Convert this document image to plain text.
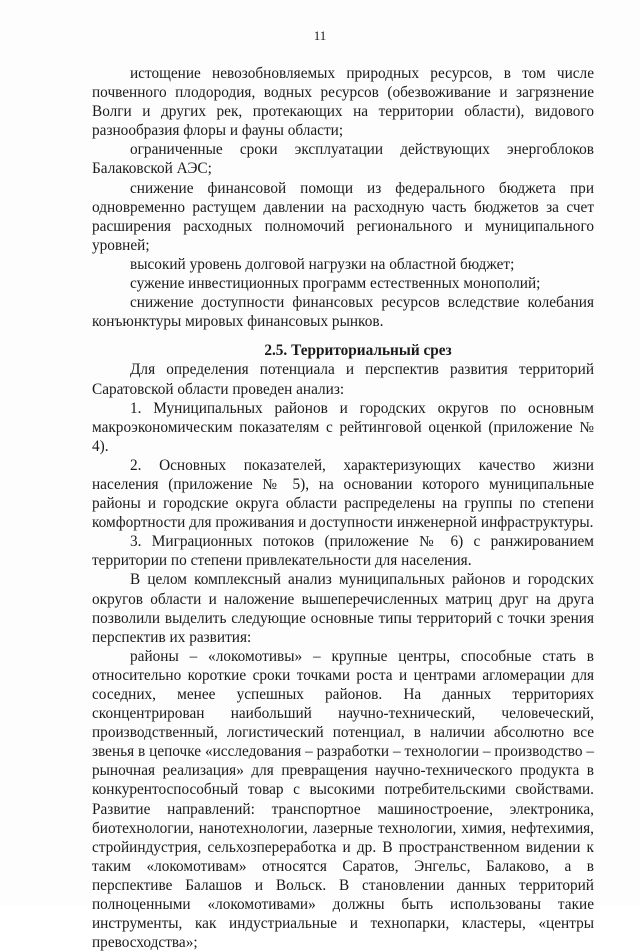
11

истощение невозобновляемых природных ресурсов, в том числе почвенного плодородия, водных ресурсов (обезвоживание и загрязнение Волги и других рек, протекающих на территории области), видового разнообразия флоры и фауны области;

ограниченные сроки эксплуатации действующих энергоблоков Балаковской АЭС;

снижение финансовой помощи из федерального бюджета при одновременно растущем давлении на расходную часть бюджетов за счет расширения расходных полномочий регионального и муниципального уровней;

высокий уровень долговой нагрузки на областной бюджет;

сужение инвестиционных программ естественных монополий;

снижение доступности финансовых ресурсов вследствие колебания конъюнктуры мировых финансовых рынков.

2.5. Территориальный срез

Для определения потенциала и перспектив развития территорий Саратовской области проведен анализ:

1. Муниципальных районов и городских округов по основным макроэкономическим показателям с рейтинговой оценкой (приложение № 4).

2. Основных показателей, характеризующих качество жизни населения (приложение № 5), на основании которого муниципальные районы и городские округа области распределены на группы по степени комфортности для проживания и доступности инженерной инфраструктуры.

3. Миграционных потоков (приложение № 6) с ранжированием территории по степени привлекательности для населения.

В целом комплексный анализ муниципальных районов и городских округов области и наложение вышеперечисленных матриц друг на друга позволили выделить следующие основные типы территорий с точки зрения перспектив их развития:

районы – «локомотивы» – крупные центры, способные стать в относительно короткие сроки точками роста и центрами агломерации для соседних, менее успешных районов. На данных территориях сконцентрирован наибольший научно-технический, человеческий, производственный, логистический потенциал, в наличии абсолютно все звенья в цепочке «исследования – разработки – технологии – производство – рыночная реализация» для превращения научно-технического продукта в конкурентоспособный товар с высокими потребительскими свойствами. Развитие направлений: транспортное машиностроение, электроника, биотехнологии, нанотехнологии, лазерные технологии, химия, нефтехимия, стройиндустрия, сельхозпереработка и др. В пространственном видении к таким «локомотивам» относятся Саратов, Энгельс, Балаково, а в перспективе Балашов и Вольск. В становлении данных территорий полноценными «локомотивами» должны быть использованы такие инструменты, как индустриальные и технопарки, кластеры, «центры превосходства»;
